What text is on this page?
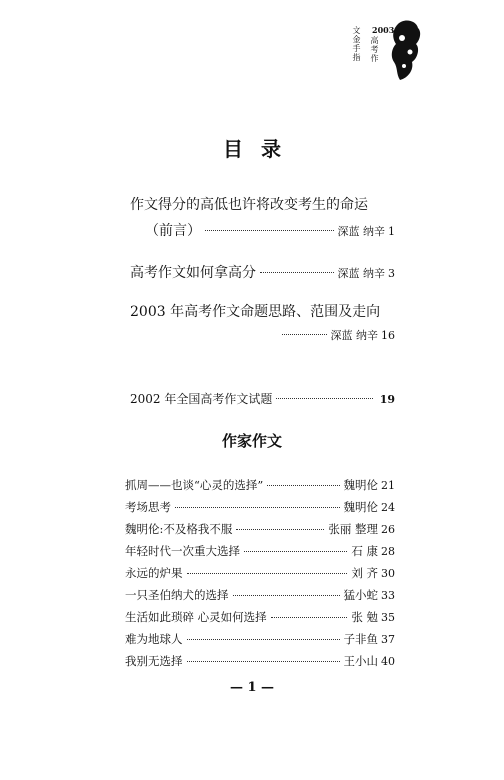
文金手指 高考作
2003
目录
作文得分的高低也许将改变考生的命运
（前言）	深蓝 纳辛 1
高考作文如何拿高分	深蓝 纳辛 3
2003 年高考作文命题思路、范围及走向
深蓝 纳辛 16
2002 年全国高考作文试题	19
作家作文
抓周——也谈“心灵的选择”	魏明伦 21
考场思考	魏明伦 24
魏明伦:不及格我不服	张丽 整理 26
年轻时代一次重大选择	石 康 28
永远的炉果	刘 齐 30
一只圣伯纳犬的选择	猛小蛇 33
生活如此琐碎 心灵如何选择	张 勉 35
难为地球人	子非鱼 37
我别无选择	王小山 40
— 1 —
